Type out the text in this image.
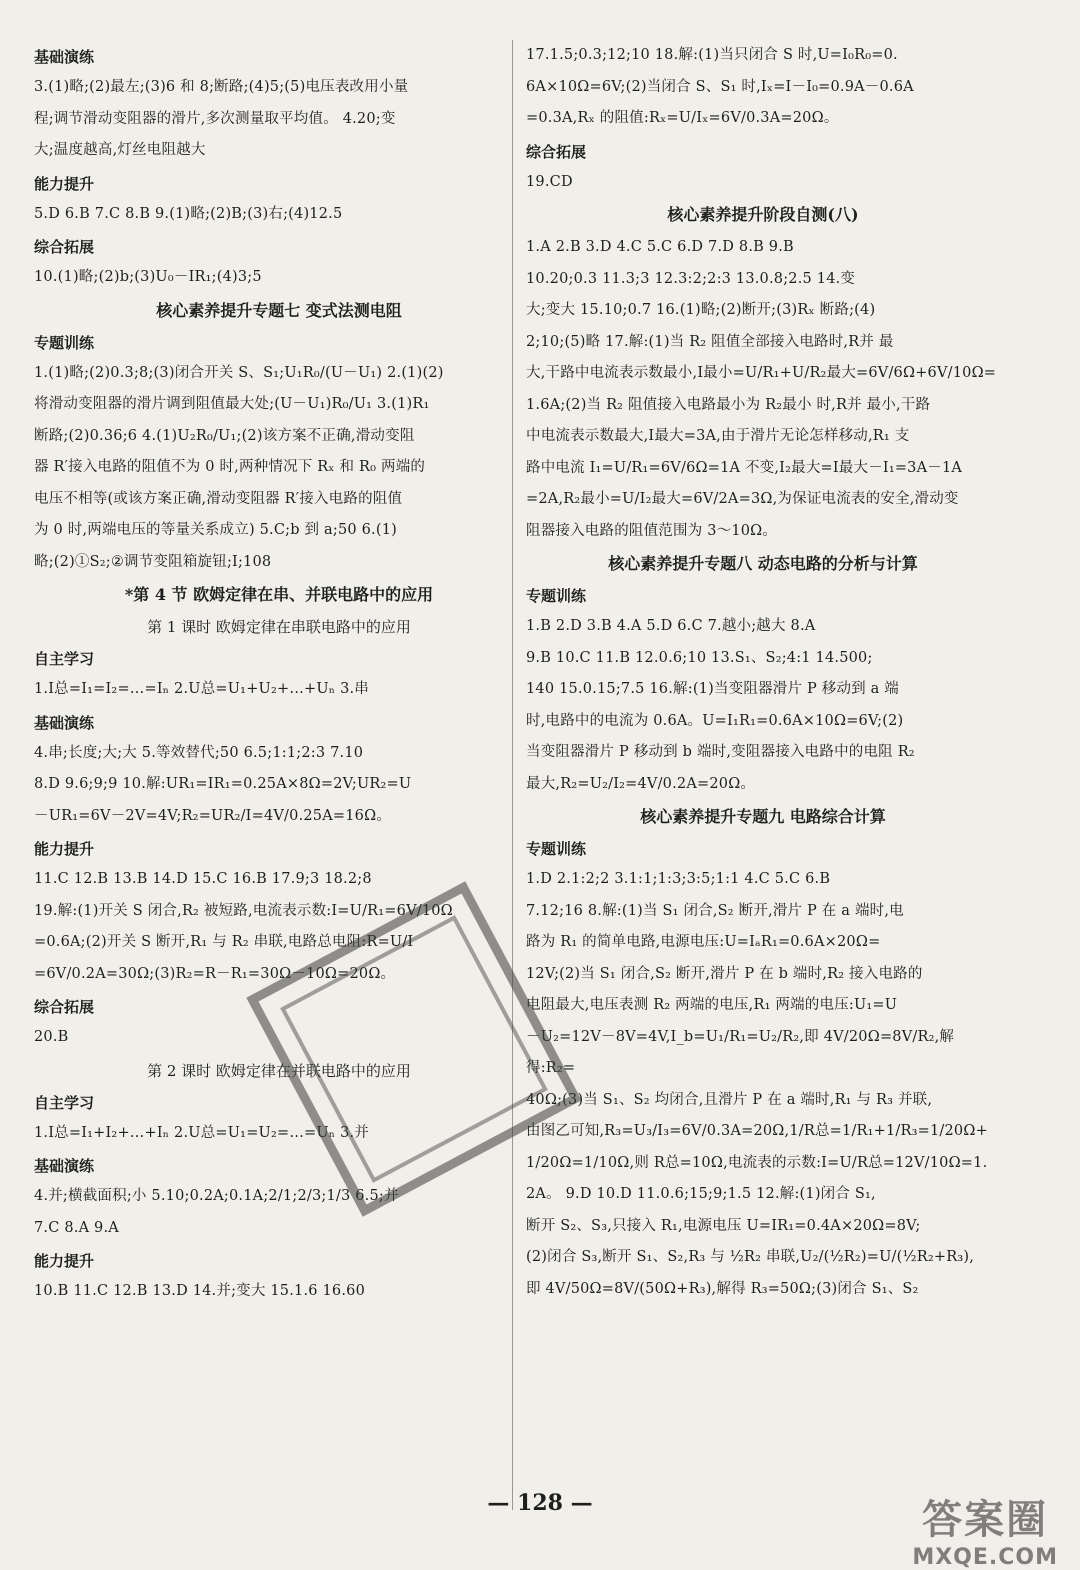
基础演练
3.(1)略;(2)最左;(3)6 和 8;断路;(4)5;(5)电压表改用小量
程;调节滑动变阻器的滑片,多次测量取平均值。 4.20;变
大;温度越高,灯丝电阻越大
能力提升
5.D 6.B 7.C 8.B 9.(1)略;(2)B;(3)右;(4)12.5
综合拓展
10.(1)略;(2)b;(3)U₀－IR₁;(4)3;5
核心素养提升专题七 变式法测电阻
专题训练
1.(1)略;(2)0.3;8;(3)闭合开关 S、S₁;U₁R₀/(U－U₁) 2.(1)(2)
将滑动变阻器的滑片调到阻值最大处;(U－U₁)R₀/U₁ 3.(1)R₁
断路;(2)0.36;6 4.(1)U₂R₀/U₁;(2)该方案不正确,滑动变阻
器 R′接入电路的阻值不为 0 时,两种情况下 Rₓ 和 R₀ 两端的
电压不相等(或该方案正确,滑动变阻器 R′接入电路的阻值
为 0 时,两端电压的等量关系成立) 5.C;b 到 a;50 6.(1)
略;(2)①S₂;②调节变阻箱旋钮;I;108
*第 4 节 欧姆定律在串、并联电路中的应用
第 1 课时 欧姆定律在串联电路中的应用
自主学习
1.I总=I₁=I₂=…=Iₙ 2.U总=U₁+U₂+…+Uₙ 3.串
基础演练
4.串;长度;大;大 5.等效替代;50 6.5;1:1;2:3 7.10
8.D 9.6;9;9 10.解:UR₁=IR₁=0.25A×8Ω=2V;UR₂=U
－UR₁=6V－2V=4V;R₂=UR₂/I=4V/0.25A=16Ω。
能力提升
11.C 12.B 13.B 14.D 15.C 16.B 17.9;3 18.2;8
19.解:(1)开关 S 闭合,R₂ 被短路,电流表示数:I=U/R₁=6V/10Ω
=0.6A;(2)开关 S 断开,R₁ 与 R₂ 串联,电路总电阻:R=U/I
=6V/0.2A=30Ω;(3)R₂=R－R₁=30Ω－10Ω=20Ω。
综合拓展
20.B
第 2 课时 欧姆定律在并联电路中的应用
自主学习
1.I总=I₁+I₂+…+Iₙ 2.U总=U₁=U₂=…=Uₙ 3.并
基础演练
4.并;横截面积;小 5.10;0.2A;0.1A;2/1;2/3;1/3 6.5;并
7.C 8.A 9.A
能力提升
10.B 11.C 12.B 13.D 14.并;变大 15.1.6 16.60
17.1.5;0.3;12;10 18.解:(1)当只闭合 S 时,U=I₀R₀=0.
6A×10Ω=6V;(2)当闭合 S、S₁ 时,Iₓ=I－I₀=0.9A－0.6A
=0.3A,Rₓ 的阻值:Rₓ=U/Iₓ=6V/0.3A=20Ω。
综合拓展
19.CD
核心素养提升阶段自测(八)
1.A 2.B 3.D 4.C 5.C 6.D 7.D 8.B 9.B
10.20;0.3 11.3;3 12.3:2;2:3 13.0.8;2.5 14.变
大;变大 15.10;0.7 16.(1)略;(2)断开;(3)Rₓ 断路;(4)
2;10;(5)略 17.解:(1)当 R₂ 阻值全部接入电路时,R并 最
大,干路中电流表示数最小,I最小=U/R₁+U/R₂最大=6V/6Ω+6V/10Ω=
1.6A;(2)当 R₂ 阻值接入电路最小为 R₂最小 时,R并 最小,干路
中电流表示数最大,I最大=3A,由于滑片无论怎样移动,R₁ 支
路中电流 I₁=U/R₁=6V/6Ω=1A 不变,I₂最大=I最大－I₁=3A－1A
=2A,R₂最小=U/I₂最大=6V/2A=3Ω,为保证电流表的安全,滑动变
阻器接入电路的阻值范围为 3～10Ω。
核心素养提升专题八 动态电路的分析与计算
专题训练
1.B 2.D 3.B 4.A 5.D 6.C 7.越小;越大 8.A
9.B 10.C 11.B 12.0.6;10 13.S₁、S₂;4:1 14.500;
140 15.0.15;7.5 16.解:(1)当变阻器滑片 P 移动到 a 端
时,电路中的电流为 0.6A。U=I₁R₁=0.6A×10Ω=6V;(2)
当变阻器滑片 P 移动到 b 端时,变阻器接入电路中的电阻 R₂
最大,R₂=U₂/I₂=4V/0.2A=20Ω。
核心素养提升专题九 电路综合计算
专题训练
1.D 2.1:2;2 3.1:1;1:3;3:5;1:1 4.C 5.C 6.B
7.12;16 8.解:(1)当 S₁ 闭合,S₂ 断开,滑片 P 在 a 端时,电
路为 R₁ 的简单电路,电源电压:U=IₐR₁=0.6A×20Ω=
12V;(2)当 S₁ 闭合,S₂ 断开,滑片 P 在 b 端时,R₂ 接入电路的
电阻最大,电压表测 R₂ 两端的电压,R₁ 两端的电压:U₁=U
－U₂=12V－8V=4V,I_b=U₁/R₁=U₂/R₂,即 4V/20Ω=8V/R₂,解得:R₂=
40Ω;(3)当 S₁、S₂ 均闭合,且滑片 P 在 a 端时,R₁ 与 R₃ 并联,
由图乙可知,R₃=U₃/I₃=6V/0.3A=20Ω,1/R总=1/R₁+1/R₃=1/20Ω+
1/20Ω=1/10Ω,则 R总=10Ω,电流表的示数:I=U/R总=12V/10Ω=1.
2A。 9.D 10.D 11.0.6;15;9;1.5 12.解:(1)闭合 S₁,
断开 S₂、S₃,只接入 R₁,电源电压 U=IR₁=0.4A×20Ω=8V;
(2)闭合 S₃,断开 S₁、S₂,R₃ 与 ½R₂ 串联,U₂/(½R₂)=U/(½R₂+R₃),
即 4V/50Ω=8V/(50Ω+R₃),解得 R₃=50Ω;(3)闭合 S₁、S₂
— 128 —	答案圈
MXQE.COM
